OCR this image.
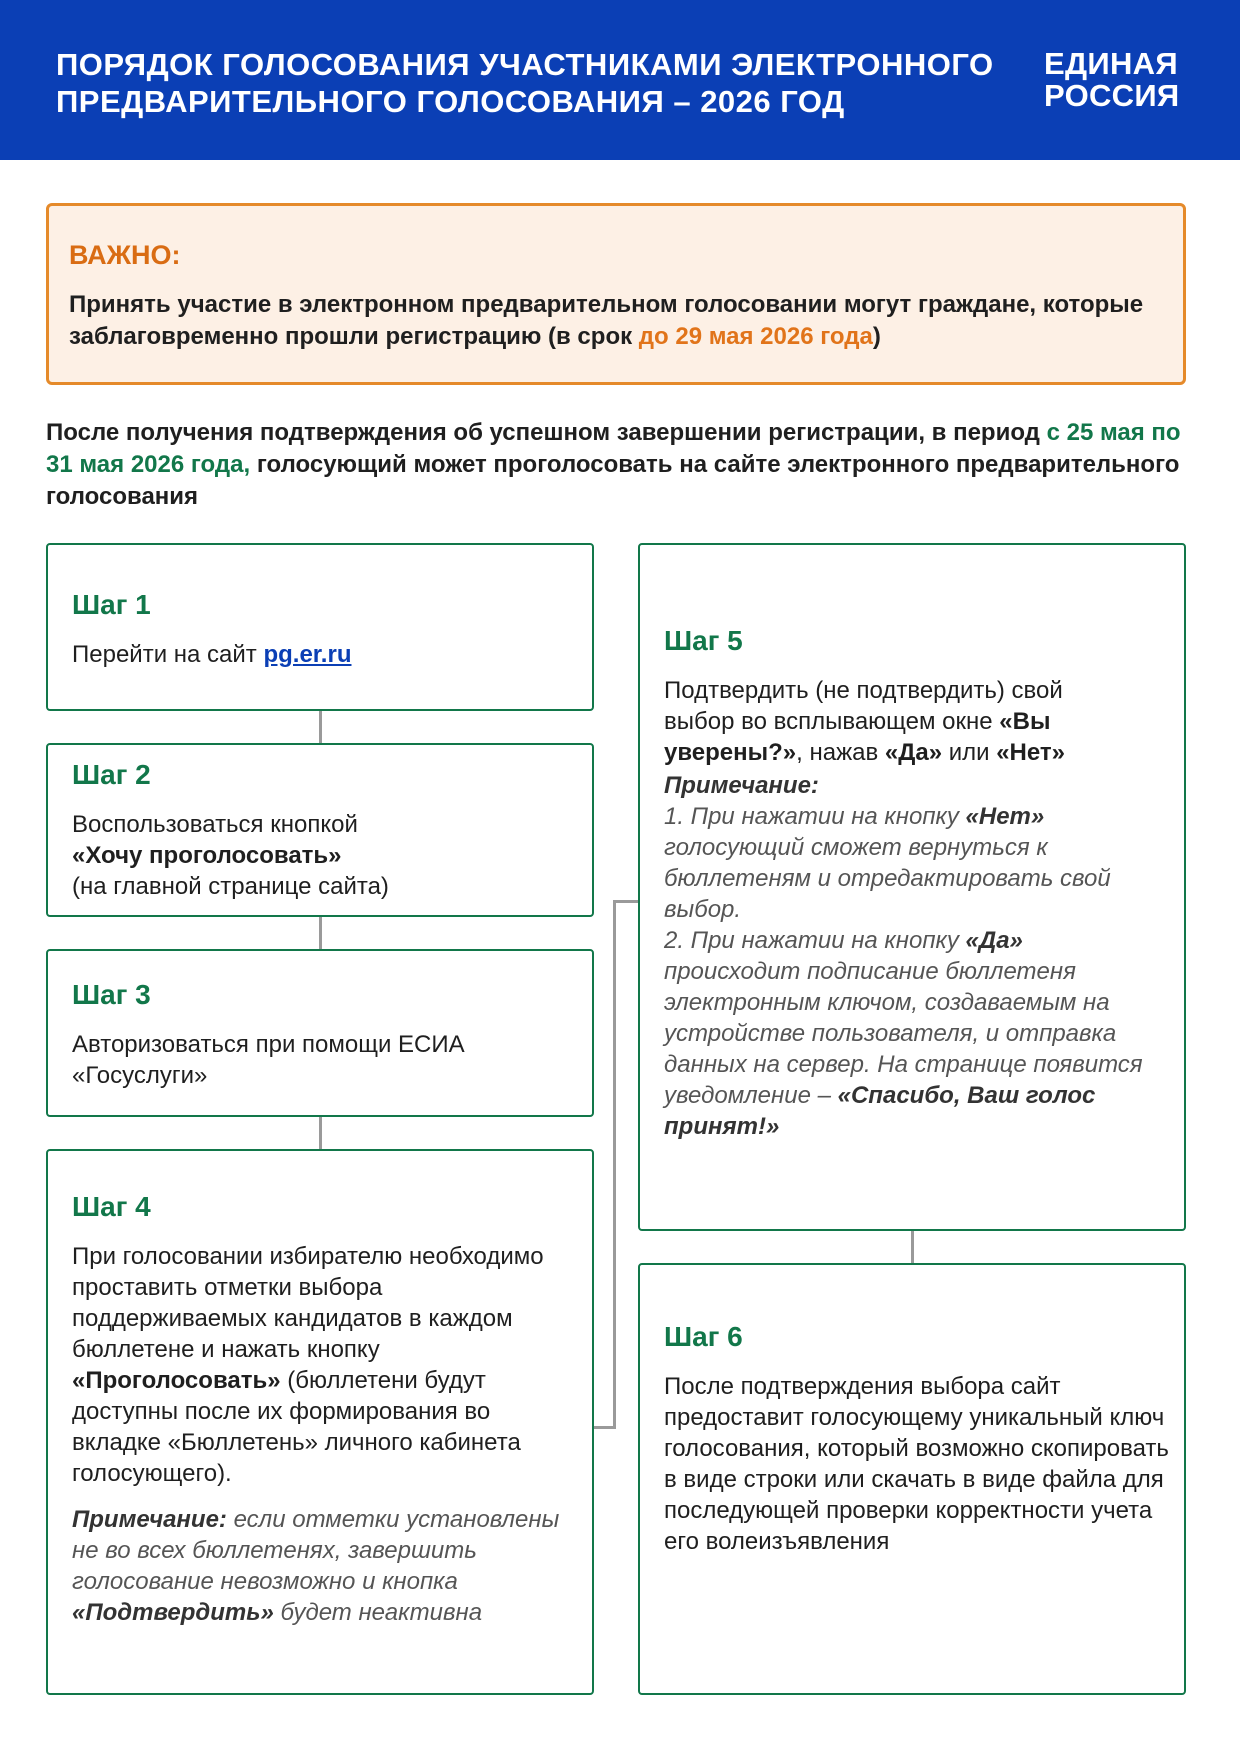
ПОРЯДОК ГОЛОСОВАНИЯ УЧАСТНИКАМИ ЭЛЕКТРОННОГО
ПРЕДВАРИТЕЛЬНОГО ГОЛОСОВАНИЯ – 2026 ГОД
ЕДИНАЯ
РОССИЯ
ВАЖНО:
Принять участие в электронном предварительном голосовании могут граждане, которые заблаговременно прошли регистрацию (в срок до 29 мая 2026 года)
После получения подтверждения об успешном завершении регистрации, в период с 25 мая по 31 мая 2026 года, голосующий может проголосовать на сайте электронного предварительного голосования
Шаг 1
Перейти на сайт pg.er.ru
Шаг 2
Воспользоваться кнопкой
«Хочу проголосовать»
(на главной странице сайта)
Шаг 3
Авторизоваться при помощи ЕСИА «Госуслуги»
Шаг 4
При голосовании избирателю необходимо проставить отметки выбора поддерживаемых кандидатов в каждом бюллетене и нажать кнопку «Проголосовать» (бюллетени будут доступны после их формирования во вкладке «Бюллетень» личного кабинета голосующего).
Примечание: если отметки установлены не во всех бюллетенях, завершить голосование невозможно и кнопка «Подтвердить» будет неактивна
Шаг 5
Подтвердить (не подтвердить) свой выбор во всплывающем окне «Вы уверены?», нажав «Да» или «Нет»
Примечание:
1. При нажатии на кнопку «Нет» голосующий сможет вернуться к бюллетеням и отредактировать свой выбор.
2. При нажатии на кнопку «Да» происходит подписание бюллетеня электронным ключом, создаваемым на устройстве пользователя, и отправка данных на сервер. На странице появится уведомление – «Спасибо, Ваш голос принят!»
Шаг 6
После подтверждения выбора сайт предоставит голосующему уникальный ключ голосования, который возможно скопировать в виде строки или скачать в виде файла для последующей проверки корректности учета его волеизъявления
